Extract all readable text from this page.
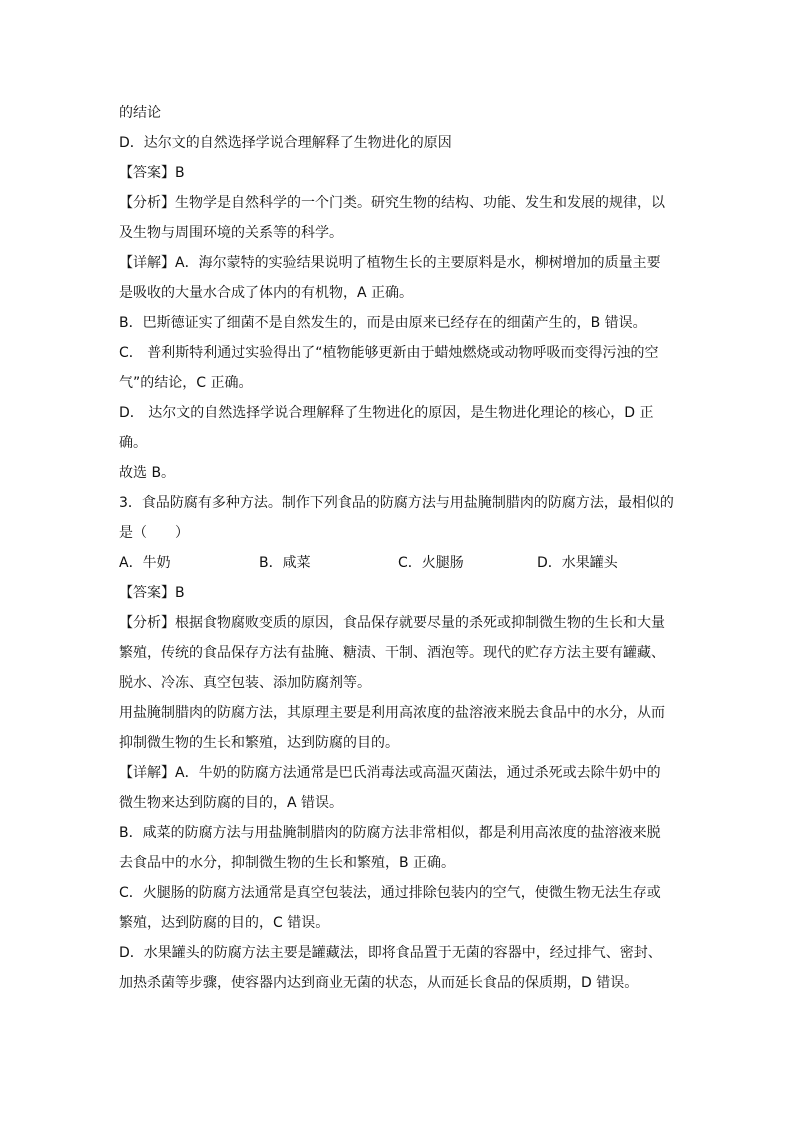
的结论
D．达尔文的自然选择学说合理解释了生物进化的原因
【答案】B
【分析】生物学是自然科学的一个门类。研究生物的结构、功能、发生和发展的规律，以
及生物与周围环境的关系等的科学。
【详解】A．海尔蒙特的实验结果说明了植物生长的主要原料是水，柳树增加的质量主要
是吸收的大量水合成了体内的有机物，A 正确。
B．巴斯德证实了细菌不是自然发生的，而是由原来已经存在的细菌产生的，B 错误。
C． 普利斯特利通过实验得出了“植物能够更新由于蜡烛燃烧或动物呼吸而变得污浊的空
气”的结论，C 正确。
D． 达尔文的自然选择学说合理解释了生物进化的原因，是生物进化理论的核心，D 正
确。
故选 B。
3．食品防腐有多种方法。制作下列食品的防腐方法与用盐腌制腊肉的防腐方法，最相似的
是（　　）
A．牛奶	B．咸菜	C．火腿肠	D．水果罐头
【答案】B
【分析】根据食物腐败变质的原因，食品保存就要尽量的杀死或抑制微生物的生长和大量
繁殖，传统的食品保存方法有盐腌、糖渍、干制、酒泡等。现代的贮存方法主要有罐藏、
脱水、冷冻、真空包装、添加防腐剂等。
用盐腌制腊肉的防腐方法，其原理主要是利用高浓度的盐溶液来脱去食品中的水分，从而
抑制微生物的生长和繁殖，达到防腐的目的。
【详解】A．牛奶的防腐方法通常是巴氏消毒法或高温灭菌法，通过杀死或去除牛奶中的
微生物来达到防腐的目的，A 错误。
B．咸菜的防腐方法与用盐腌制腊肉的防腐方法非常相似，都是利用高浓度的盐溶液来脱
去食品中的水分，抑制微生物的生长和繁殖，B 正确。
C．火腿肠的防腐方法通常是真空包装法，通过排除包装内的空气，使微生物无法生存或
繁殖，达到防腐的目的，C 错误。
D．水果罐头的防腐方法主要是罐藏法，即将食品置于无菌的容器中，经过排气、密封、
加热杀菌等步骤，使容器内达到商业无菌的状态，从而延长食品的保质期，D 错误。
